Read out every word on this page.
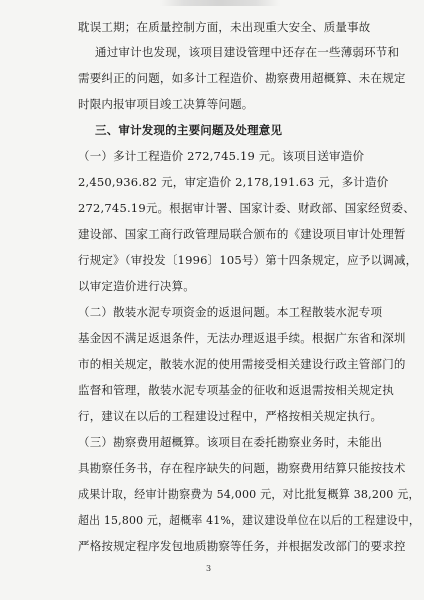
耽误工期；在质量控制方面，未出现重大安全、质量事故

通过审计也发现，该项目建设管理中还存在一些薄弱环节和

需要纠正的问题，如多计工程造价、勘察费用超概算、未在规定

时限内报审项目竣工决算等问题。

三、审计发现的主要问题及处理意见

（一）多计工程造价 272,745.19 元。该项目送审造价

2,450,936.82 元，审定造价 2,178,191.63 元，多计造价

272,745.19元。根据审计署、国家计委、财政部、国家经贸委、

建设部、国家工商行政管理局联合颁布的《建设项目审计处理暂

行规定》（审投发〔1996〕105号）第十四条规定，应予以调减，

以审定造价进行决算。

（二）散装水泥专项资金的返退问题。本工程散装水泥专项

基金因不满足返退条件，无法办理返退手续。根据广东省和深圳

市的相关规定，散装水泥的使用需接受相关建设行政主管部门的

监督和管理，散装水泥专项基金的征收和返退需按相关规定执

行，建议在以后的工程建设过程中，严格按相关规定执行。

（三）勘察费用超概算。该项目在委托勘察业务时，未能出

具勘察任务书，存在程序缺失的问题，勘察费用结算只能按技术

成果计取，经审计勘察费为 54,000 元，对比批复概算 38,200 元，

超出 15,800 元，超概率 41%，建议建设单位在以后的工程建设中，

严格按规定程序发包地质勘察等任务，并根据发改部门的要求控

3
